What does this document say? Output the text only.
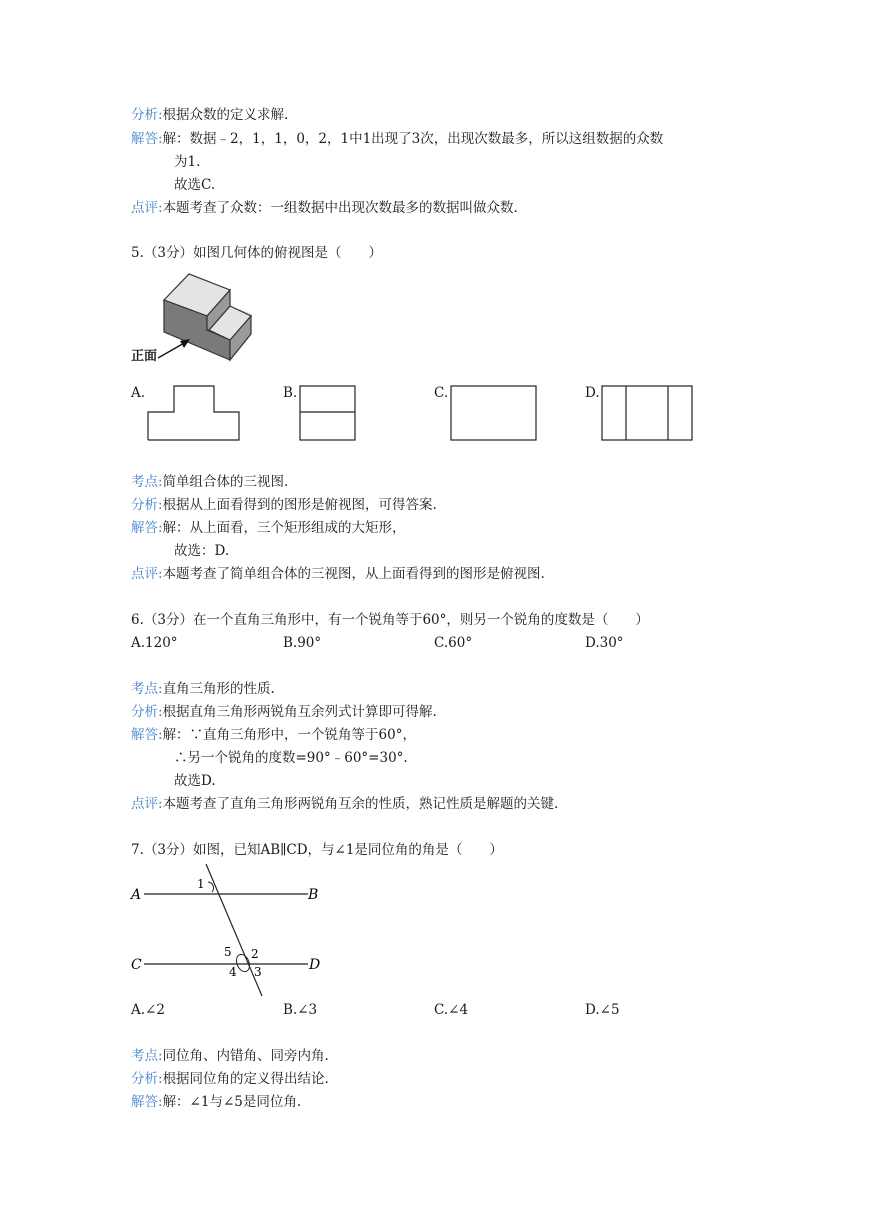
分析:根据众数的定义求解.
解答:解：数据﹣2，1，1，0，2，1中1出现了3次，出现次数最多，所以这组数据的众数
为1.
故选C.
点评:本题考查了众数：一组数据中出现次数最多的数据叫做众数.
5.（3分）如图几何体的俯视图是（　　）
正面
A.	B.	C.	D.
考点:简单组合体的三视图.
分析:根据从上面看得到的图形是俯视图，可得答案.
解答:解：从上面看，三个矩形组成的大矩形，
故选：D.
点评:本题考查了简单组合体的三视图，从上面看得到的图形是俯视图.
6.（3分）在一个直角三角形中，有一个锐角等于60°，则另一个锐角的度数是（　　）
A.120°	B.90°	C.60°	D.30°
考点:直角三角形的性质.
分析:根据直角三角形两锐角互余列式计算即可得解.
解答:解：∵直角三角形中，一个锐角等于60°，
∴另一个锐角的度数=90°﹣60°=30°.
故选D.
点评:本题考查了直角三角形两锐角互余的性质，熟记性质是解题的关键.
7.（3分）如图，已知AB∥CD，与∠1是同位角的角是（　　）
A	B
C	D
1
2
3
4
5
A.∠2	B.∠3	C.∠4	D.∠5
考点:同位角、内错角、同旁内角.
分析:根据同位角的定义得出结论.
解答:解：∠1与∠5是同位角.
